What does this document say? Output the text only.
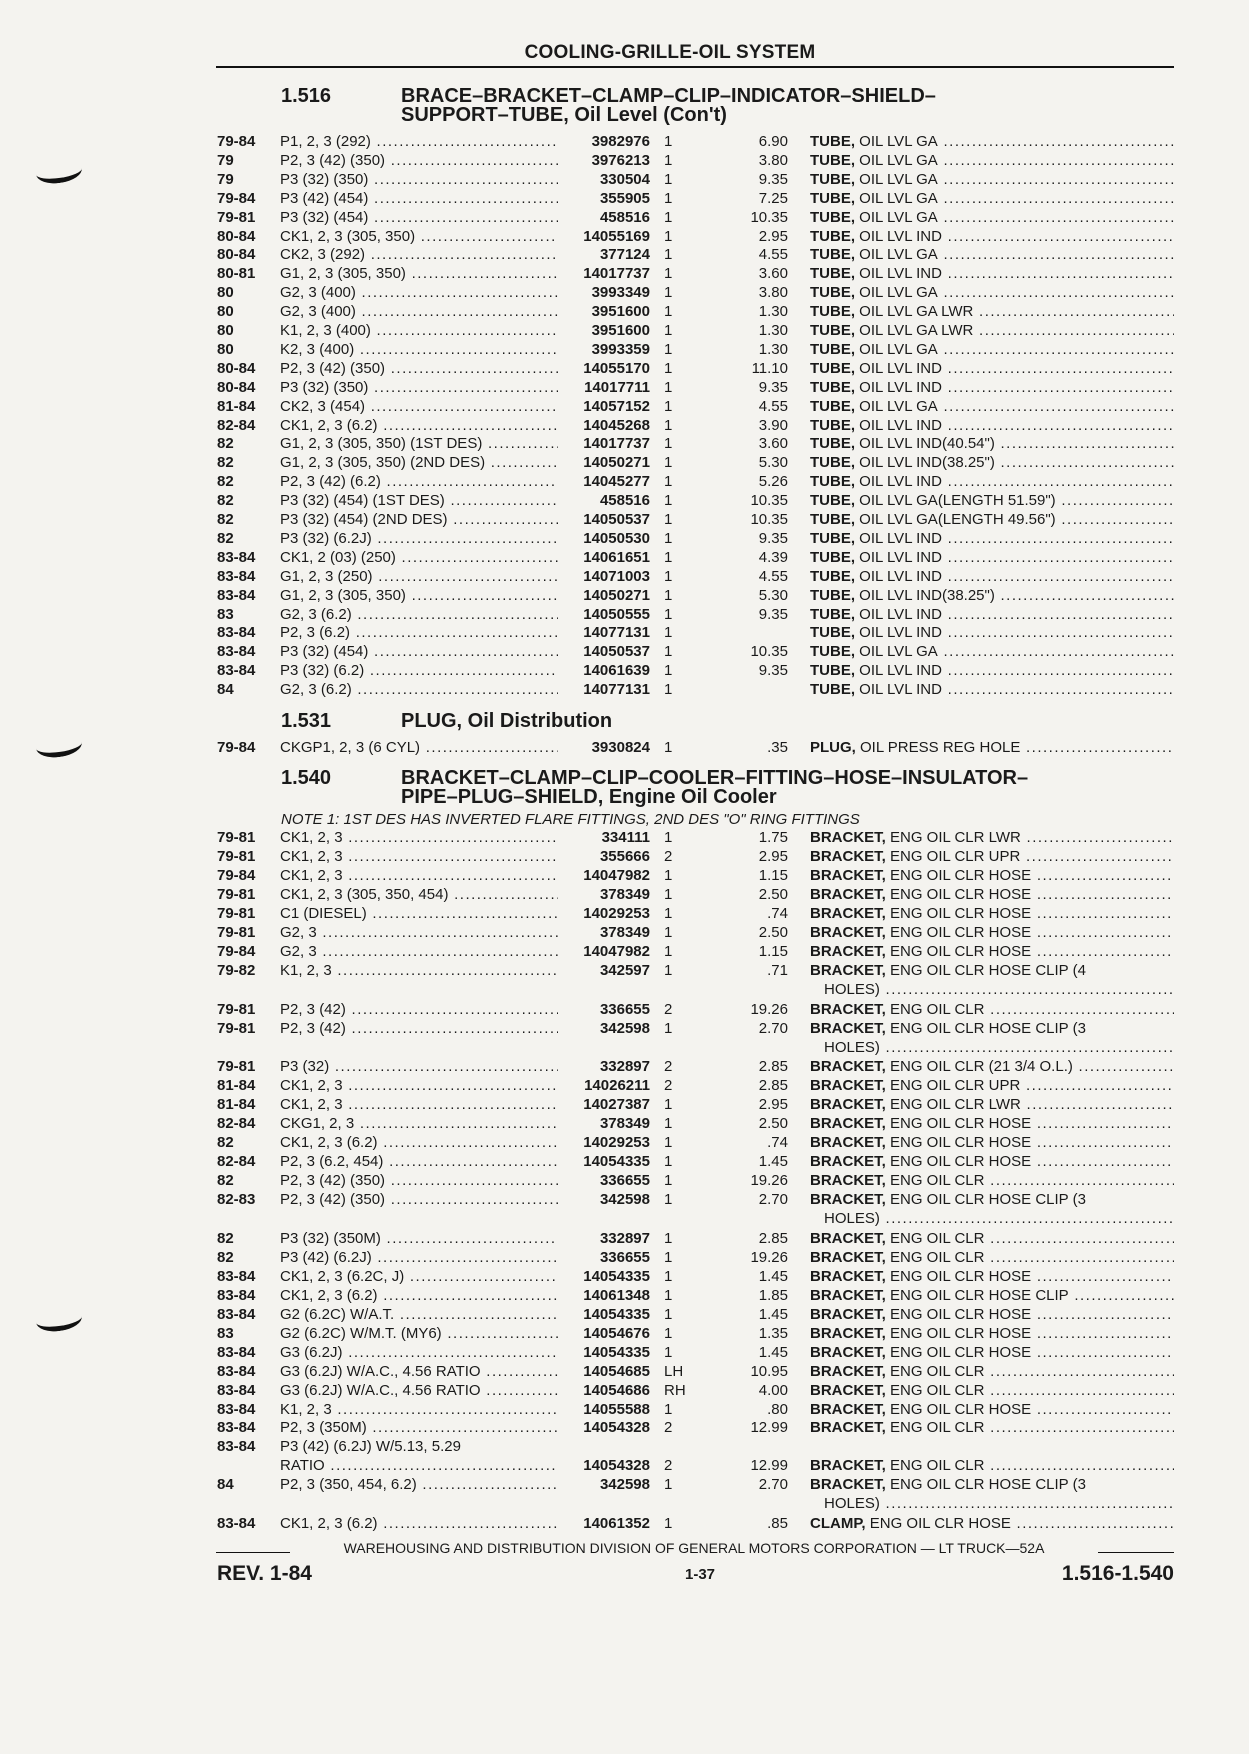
COOLING-GRILLE-OIL SYSTEM
1.516	BRACE–BRACKET–CLAMP–CLIP–INDICATOR–SHIELD–
SUPPORT–TUBE, Oil Level (Con't)
79-84	P1, 2, 3 (292) .....	3982976 1	6.90 TUBE, OIL LVL GA .....
79	P2, 3 (42) (350) .....	3976213 1	3.80 TUBE, OIL LVL GA .....
79	P3 (32) (350) .....	330504 1	9.35 TUBE, OIL LVL GA .....
79-84	P3 (42) (454) .....	355905 1	7.25 TUBE, OIL LVL GA .....
79-81	P3 (32) (454) .....	458516 1	10.35 TUBE, OIL LVL GA .....
80-84	CK1, 2, 3 (305, 350) .....	14055169 1	2.95 TUBE, OIL LVL IND .....
80-84	CK2, 3 (292) .....	377124 1	4.55 TUBE, OIL LVL GA .....
80-81	G1, 2, 3 (305, 350) .....	14017737 1	3.60 TUBE, OIL LVL IND .....
80	G2, 3 (400) .....	3993349 1	3.80 TUBE, OIL LVL GA .....
80	G2, 3 (400) .....	3951600 1	1.30 TUBE, OIL LVL GA LWR .....
80	K1, 2, 3 (400) .....	3951600 1	1.30 TUBE, OIL LVL GA LWR .....
80	K2, 3 (400) .....	3993359 1	1.30 TUBE, OIL LVL GA .....
80-84	P2, 3 (42) (350) .....	14055170 1	11.10 TUBE, OIL LVL IND .....
80-84	P3 (32) (350) .....	14017711 1	9.35 TUBE, OIL LVL IND .....
81-84	CK2, 3 (454) .....	14057152 1	4.55 TUBE, OIL LVL GA .....
82-84	CK1, 2, 3 (6.2) .....	14045268 1	3.90 TUBE, OIL LVL IND .....
82	G1, 2, 3 (305, 350) (1ST DES) .....	14017737 1	3.60 TUBE, OIL LVL IND(40.54") .....
82	G1, 2, 3 (305, 350) (2ND DES) .....	14050271 1	5.30 TUBE, OIL LVL IND(38.25") .....
82	P2, 3 (42) (6.2) .....	14045277 1	5.26 TUBE, OIL LVL IND .....
82	P3 (32) (454) (1ST DES) .....	458516 1	10.35 TUBE, OIL LVL GA(LENGTH 51.59") .....
82	P3 (32) (454) (2ND DES) .....	14050537 1	10.35 TUBE, OIL LVL GA(LENGTH 49.56") .....
82	P3 (32) (6.2J) .....	14050530 1	9.35 TUBE, OIL LVL IND .....
83-84	CK1, 2 (03) (250) .....	14061651 1	4.39 TUBE, OIL LVL IND .....
83-84	G1, 2, 3 (250) .....	14071003 1	4.55 TUBE, OIL LVL IND .....
83-84	G1, 2, 3 (305, 350) .....	14050271 1	5.30 TUBE, OIL LVL IND(38.25") .....
83	G2, 3 (6.2) .....	14050555 1	9.35 TUBE, OIL LVL IND .....
83-84	P2, 3 (6.2) .....	14077131 1	TUBE, OIL LVL IND .....
83-84	P3 (32) (454) .....	14050537 1	10.35 TUBE, OIL LVL GA .....
83-84	P3 (32) (6.2) .....	14061639 1	9.35 TUBE, OIL LVL IND .....
84	G2, 3 (6.2) .....	14077131 1	TUBE, OIL LVL IND .....
1.531	PLUG, Oil Distribution
79-84	CKGP1, 2, 3 (6 CYL) .....	3930824 1	.35 PLUG, OIL PRESS REG HOLE .....
1.540	BRACKET–CLAMP–CLIP–COOLER–FITTING–HOSE–INSULATOR–
PIPE–PLUG–SHIELD, Engine Oil Cooler
NOTE 1: 1ST DES HAS INVERTED FLARE FITTINGS, 2ND DES "O" RING FITTINGS
79-81	CK1, 2, 3 .....	334111 1	1.75 BRACKET, ENG OIL CLR LWR .....
79-81	CK1, 2, 3 .....	355666 2	2.95 BRACKET, ENG OIL CLR UPR .....
79-84	CK1, 2, 3 .....	14047982 1	1.15 BRACKET, ENG OIL CLR HOSE .....
79-81	CK1, 2, 3 (305, 350, 454) .....	378349 1	2.50 BRACKET, ENG OIL CLR HOSE .....
79-81	C1 (DIESEL) .....	14029253 1	.74 BRACKET, ENG OIL CLR HOSE .....
79-81	G2, 3 .....	378349 1	2.50 BRACKET, ENG OIL CLR HOSE .....
79-84	G2, 3 .....	14047982 1	1.15 BRACKET, ENG OIL CLR HOSE .....
79-82	K1, 2, 3 .....	342597 1	.71 BRACKET, ENG OIL CLR HOSE CLIP (4
HOLES) .....
79-81	P2, 3 (42) .....	336655 2	19.26 BRACKET, ENG OIL CLR .....
79-81	P2, 3 (42) .....	342598 1	2.70 BRACKET, ENG OIL CLR HOSE CLIP (3
HOLES) .....
79-81	P3 (32) .....	332897 2	2.85 BRACKET, ENG OIL CLR (21 3/4 O.L.) .....
81-84	CK1, 2, 3 .....	14026211 2	2.85 BRACKET, ENG OIL CLR UPR .....
81-84	CK1, 2, 3 .....	14027387 1	2.95 BRACKET, ENG OIL CLR LWR .....
82-84	CKG1, 2, 3 .....	378349 1	2.50 BRACKET, ENG OIL CLR HOSE .....
82	CK1, 2, 3 (6.2) .....	14029253 1	.74 BRACKET, ENG OIL CLR HOSE .....
82-84	P2, 3 (6.2, 454) .....	14054335 1	1.45 BRACKET, ENG OIL CLR HOSE .....
82	P2, 3 (42) (350) .....	336655 1	19.26 BRACKET, ENG OIL CLR .....
82-83	P2, 3 (42) (350) .....	342598 1	2.70 BRACKET, ENG OIL CLR HOSE CLIP (3
HOLES) .....
82	P3 (32) (350M) .....	332897 1	2.85 BRACKET, ENG OIL CLR .....
82	P3 (42) (6.2J) .....	336655 1	19.26 BRACKET, ENG OIL CLR .....
83-84	CK1, 2, 3 (6.2C, J) .....	14054335 1	1.45 BRACKET, ENG OIL CLR HOSE .....
83-84	CK1, 2, 3 (6.2) .....	14061348 1	1.85 BRACKET, ENG OIL CLR HOSE CLIP .....
83-84	G2 (6.2C) W/A.T. .....	14054335 1	1.45 BRACKET, ENG OIL CLR HOSE .....
83	G2 (6.2C) W/M.T. (MY6) .....	14054676 1	1.35 BRACKET, ENG OIL CLR HOSE .....
83-84	G3 (6.2J) .....	14054335 1	1.45 BRACKET, ENG OIL CLR HOSE .....
83-84	G3 (6.2J) W/A.C., 4.56 RATIO .....	14054685 LH	10.95 BRACKET, ENG OIL CLR .....
83-84	G3 (6.2J) W/A.C., 4.56 RATIO .....	14054686 RH	4.00 BRACKET, ENG OIL CLR .....
83-84	K1, 2, 3 .....	14055588 1	.80 BRACKET, ENG OIL CLR HOSE .....
83-84	P2, 3 (350M) .....	14054328 2	12.99 BRACKET, ENG OIL CLR .....
83-84	P3 (42) (6.2J) W/5.13, 5.29
RATIO .....	14054328 2	12.99 BRACKET, ENG OIL CLR .....
84	P2, 3 (350, 454, 6.2) .....	342598 1	2.70 BRACKET, ENG OIL CLR HOSE CLIP (3
HOLES) .....
83-84	CK1, 2, 3 (6.2) .....	14061352 1	.85 CLAMP, ENG OIL CLR HOSE .....
WAREHOUSING AND DISTRIBUTION DIVISION OF GENERAL MOTORS CORPORATION — LT TRUCK—52A
REV. 1-84	1-37	1.516-1.540
